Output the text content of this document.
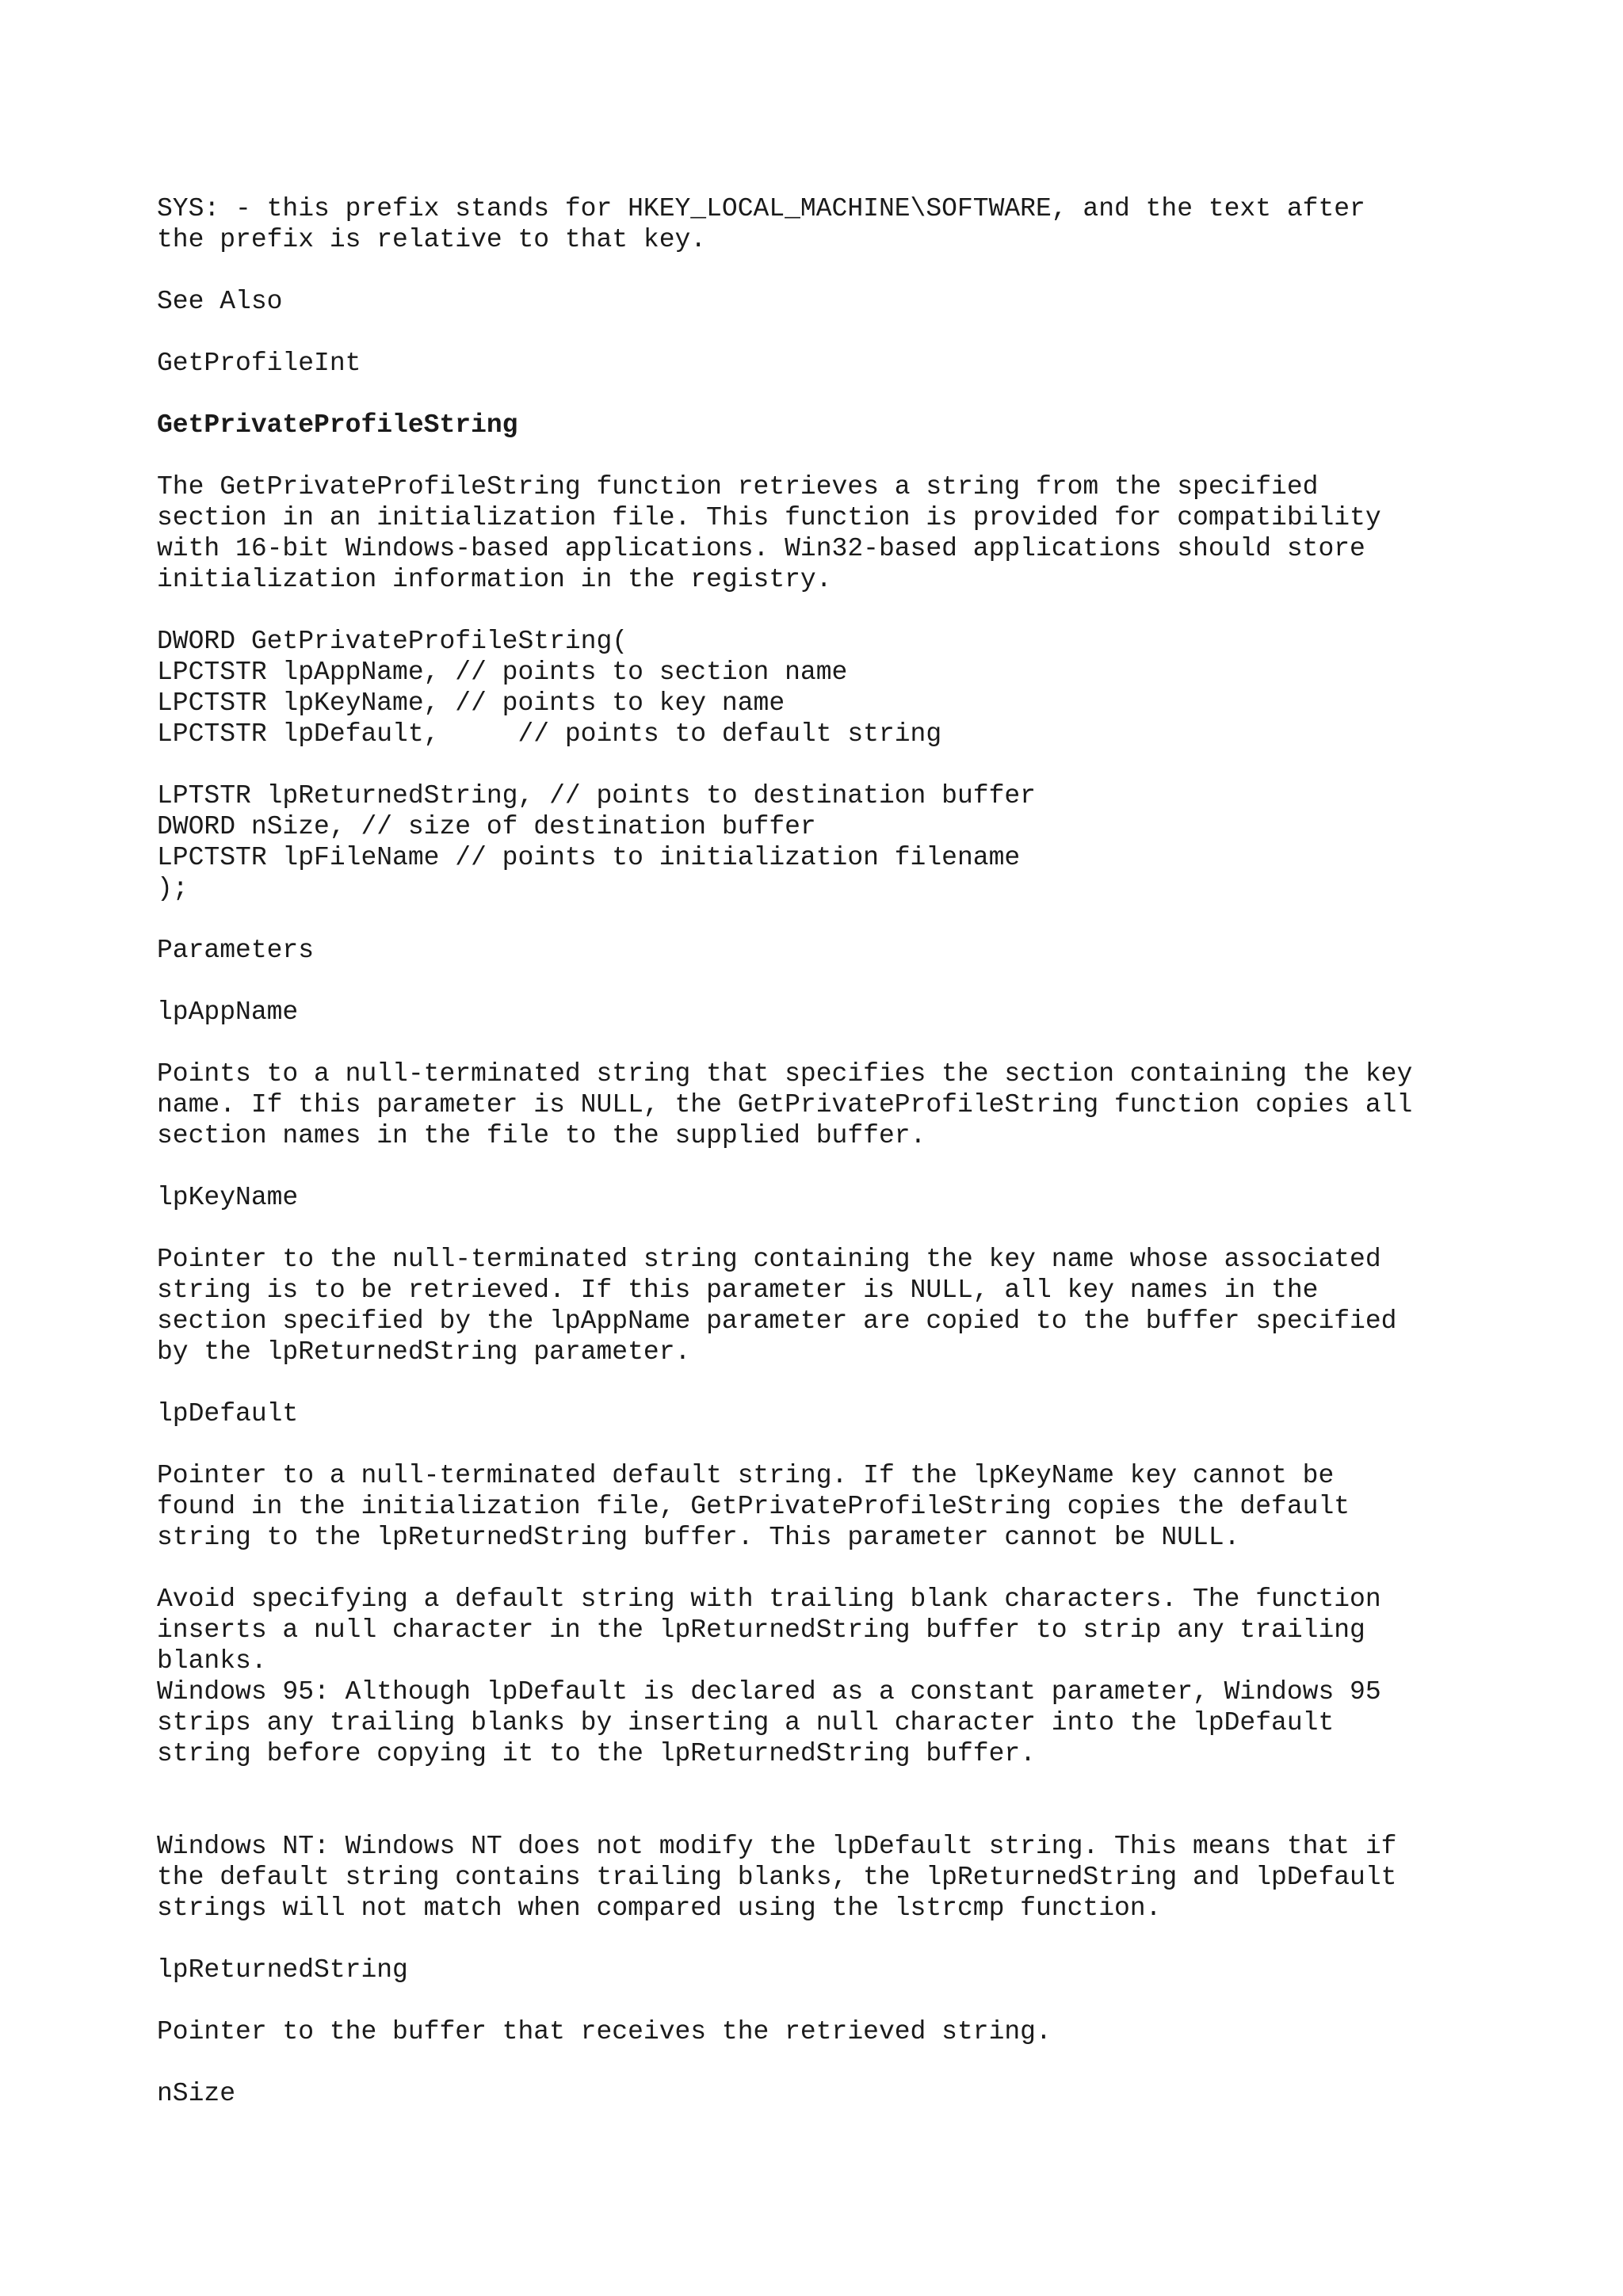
SYS: - this prefix stands for HKEY_LOCAL_MACHINE\SOFTWARE, and the text after
the prefix is relative to that key.
See Also
GetProfileInt
GetPrivateProfileString
The GetPrivateProfileString function retrieves a string from the specified
section in an initialization file. This function is provided for compatibility
with 16-bit Windows-based applications. Win32-based applications should store
initialization information in the registry.
DWORD GetPrivateProfileString(
LPCTSTR lpAppName, // points to section name
LPCTSTR lpKeyName, // points to key name
LPCTSTR lpDefault,     // points to default string
LPTSTR lpReturnedString, // points to destination buffer
DWORD nSize, // size of destination buffer
LPCTSTR lpFileName // points to initialization filename
);
Parameters
lpAppName
Points to a null-terminated string that specifies the section containing the key
name. If this parameter is NULL, the GetPrivateProfileString function copies all
section names in the file to the supplied buffer.
lpKeyName
Pointer to the null-terminated string containing the key name whose associated
string is to be retrieved. If this parameter is NULL, all key names in the
section specified by the lpAppName parameter are copied to the buffer specified
by the lpReturnedString parameter.
lpDefault
Pointer to a null-terminated default string. If the lpKeyName key cannot be
found in the initialization file, GetPrivateProfileString copies the default
string to the lpReturnedString buffer. This parameter cannot be NULL.
Avoid specifying a default string with trailing blank characters. The function
inserts a null character in the lpReturnedString buffer to strip any trailing
blanks.
Windows 95: Although lpDefault is declared as a constant parameter, Windows 95
strips any trailing blanks by inserting a null character into the lpDefault
string before copying it to the lpReturnedString buffer.
Windows NT: Windows NT does not modify the lpDefault string. This means that if
the default string contains trailing blanks, the lpReturnedString and lpDefault
strings will not match when compared using the lstrcmp function.
lpReturnedString
Pointer to the buffer that receives the retrieved string.
nSize
